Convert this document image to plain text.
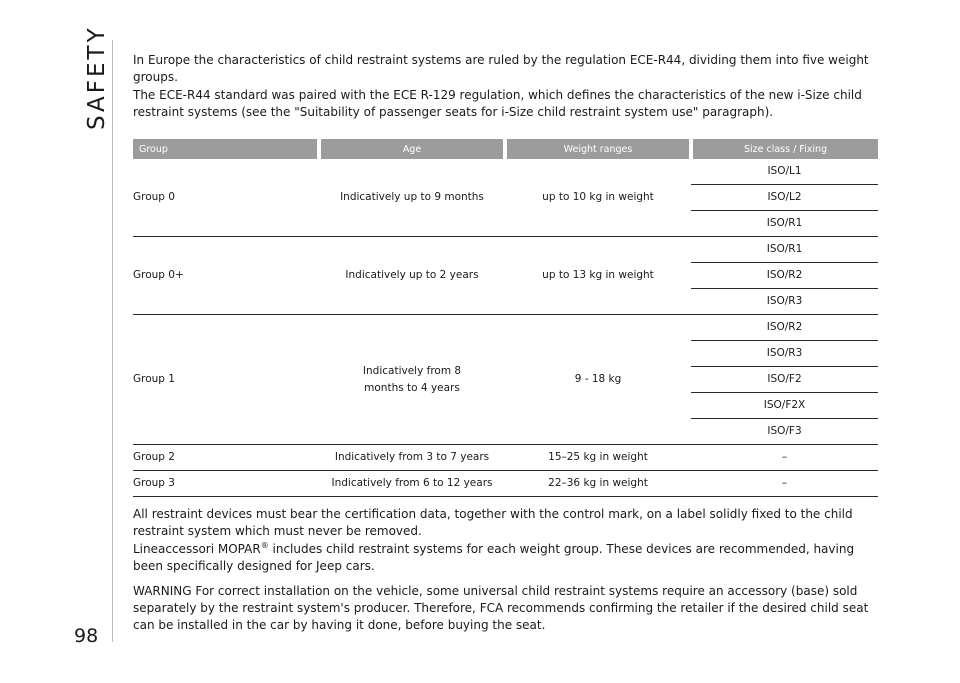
SAFETY
98

In Europe the characteristics of child restraint systems are ruled by the regulation ECE-R44, dividing them into five weight groups.

The ECE-R44 standard was paired with the ECE R-129 regulation, which defines the characteristics of the new i-Size child restraint systems (see the "Suitability of passenger seats for i-Size child restraint system use" paragraph).

Group	Age	Weight ranges	Size class / Fixing
Group 0	Indicatively up to 9 months	up to 10 kg in weight	ISO/L1
			ISO/L2
			ISO/R1
Group 0+	Indicatively up to 2 years	up to 13 kg in weight	ISO/R1
			ISO/R2
			ISO/R3
Group 1	Indicatively from 8 months to 4 years	9 - 18 kg	ISO/R2
			ISO/R3
			ISO/F2
			ISO/F2X
			ISO/F3
Group 2	Indicatively from 3 to 7 years	15–25 kg in weight	–
Group 3	Indicatively from 6 to 12 years	22–36 kg in weight	–

All restraint devices must bear the certification data, together with the control mark, on a label solidly fixed to the child restraint system which must never be removed.

Lineaccessori MOPAR® includes child restraint systems for each weight group. These devices are recommended, having been specifically designed for Jeep cars.

WARNING For correct installation on the vehicle, some universal child restraint systems require an accessory (base) sold separately by the restraint system's producer. Therefore, FCA recommends confirming the retailer if the desired child seat can be installed in the car by having it done, before buying the seat.
